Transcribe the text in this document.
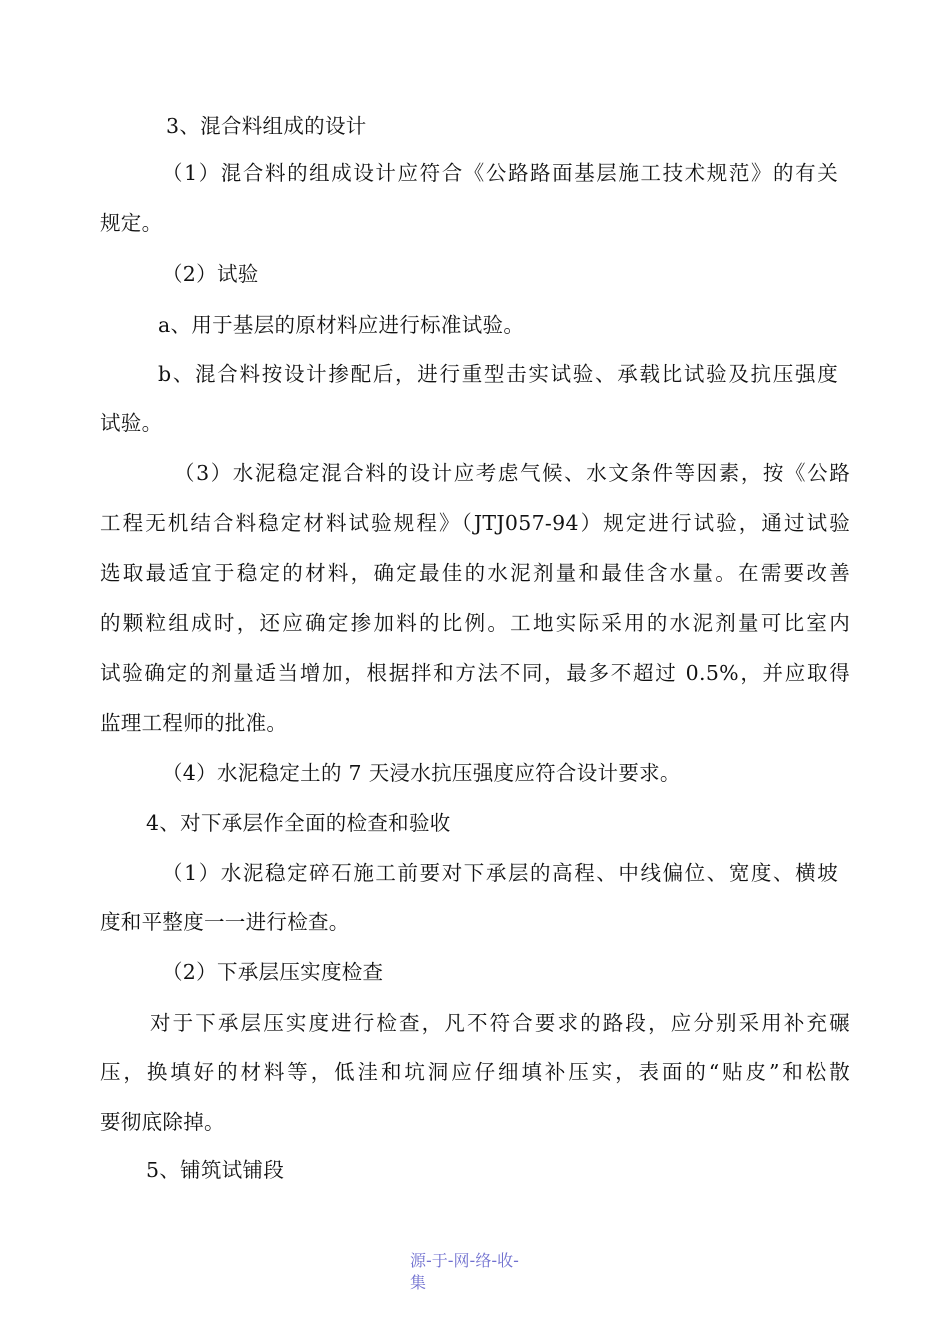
3、混合料组成的设计
（1）混合料的组成设计应符合《公路路面基层施工技术规范》的有关
规定。
（2）试验
a、用于基层的原材料应进行标准试验。
b、混合料按设计掺配后，进行重型击实试验、承载比试验及抗压强度
试验。
（3）水泥稳定混合料的设计应考虑气候、水文条件等因素，按《公路
工程无机结合料稳定材料试验规程》（JTJ057-94）规定进行试验，通过试验
选取最适宜于稳定的材料，确定最佳的水泥剂量和最佳含水量。在需要改善
的颗粒组成时，还应确定掺加料的比例。工地实际采用的水泥剂量可比室内
试验确定的剂量适当增加，根据拌和方法不同，最多不超过 0.5%，并应取得
监理工程师的批准。
（4）水泥稳定土的 7 天浸水抗压强度应符合设计要求。
4、对下承层作全面的检查和验收
（1）水泥稳定碎石施工前要对下承层的高程、中线偏位、宽度、横坡
度和平整度一一进行检查。
（2）下承层压实度检查
对于下承层压实度进行检查，凡不符合要求的路段，应分别采用补充碾
压，换填好的材料等，低洼和坑洞应仔细填补压实，表面的“贴皮”和松散
要彻底除掉。
5、铺筑试铺段
源-于-网-络-收-
集
